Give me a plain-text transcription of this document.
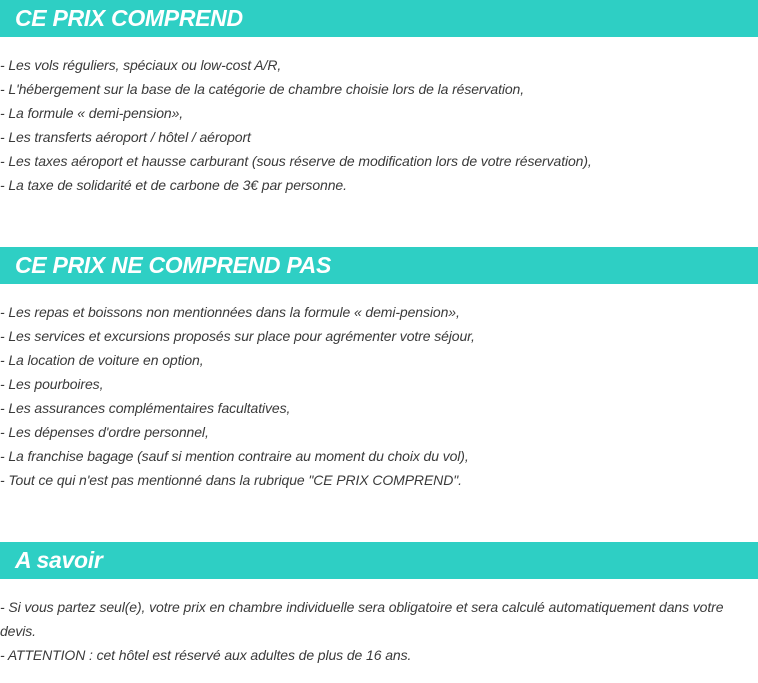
CE PRIX COMPREND
- Les vols réguliers, spéciaux ou low-cost A/R,
- L'hébergement sur la base de la catégorie de chambre choisie lors de la réservation,
- La formule « demi-pension»,
- Les transferts aéroport / hôtel / aéroport
- Les taxes aéroport et hausse carburant (sous réserve de modification lors de votre réservation),
- La taxe de solidarité et de carbone de 3€ par personne.
CE PRIX NE COMPREND PAS
- Les repas et boissons non mentionnées dans la formule « demi-pension»,
- Les services et excursions proposés sur place pour agrémenter votre séjour,
- La location de voiture en option,
- Les pourboires,
- Les assurances complémentaires facultatives,
- Les dépenses d'ordre personnel,
- La franchise bagage (sauf si mention contraire au moment du choix du vol),
- Tout ce qui n'est pas mentionné dans la rubrique "CE PRIX COMPREND".
A savoir
- Si vous partez seul(e), votre prix en chambre individuelle sera obligatoire et sera calculé automatiquement dans votre devis.
- ATTENTION : cet hôtel est réservé aux adultes de plus de 16 ans.
